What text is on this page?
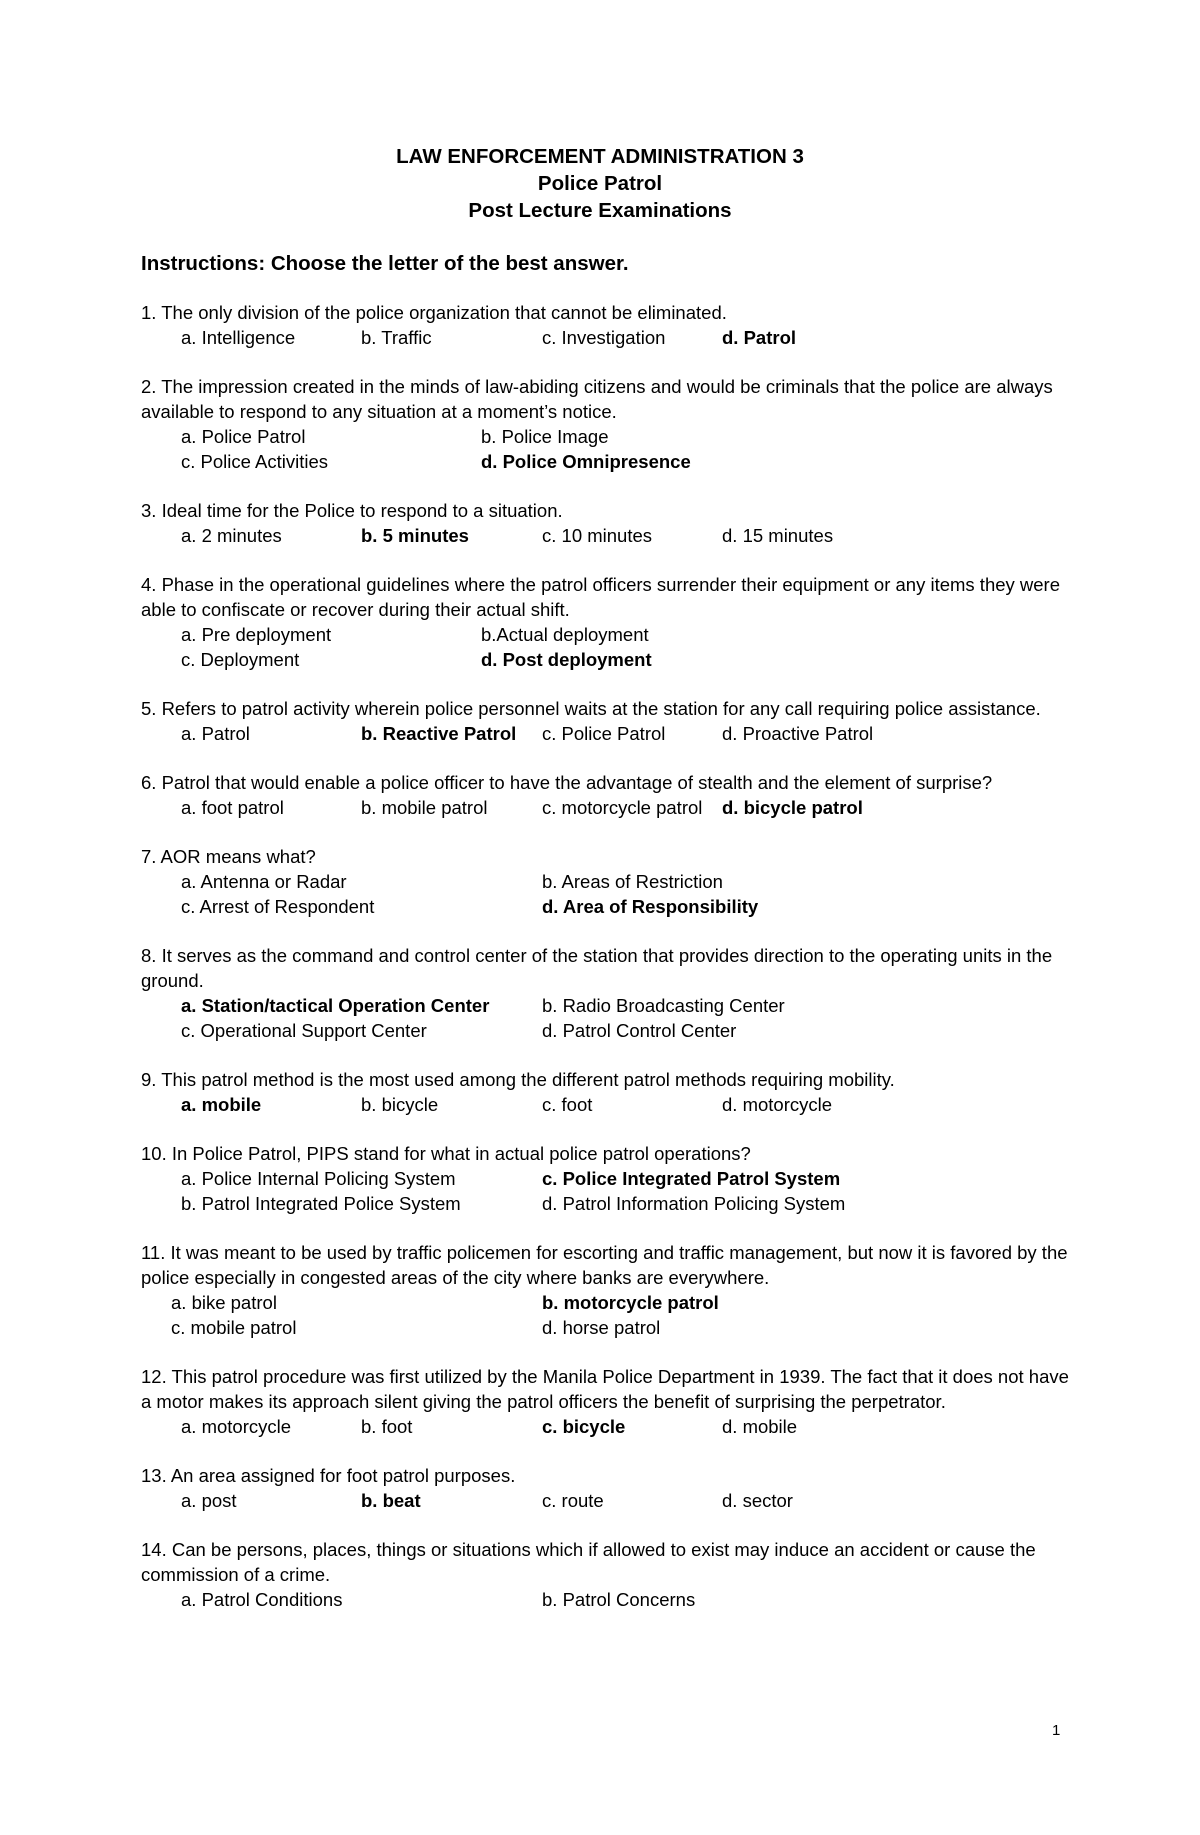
LAW ENFORCEMENT ADMINISTRATION 3
Police Patrol
Post Lecture Examinations
Instructions: Choose the letter of the best answer.
1. The only division of the police organization that cannot be eliminated.
a. Intelligence	b. Traffic	c. Investigation	d. Patrol
2. The impression created in the minds of law-abiding citizens and would be criminals that the police are always available to respond to any situation at a moment’s notice.
a. Police Patrol	b. Police Image
c. Police Activities	d. Police Omnipresence
3. Ideal time for the Police to respond to a situation.
a. 2 minutes	b. 5 minutes	c. 10 minutes	d. 15 minutes
4. Phase in the operational guidelines where the patrol officers surrender their equipment or any items they were able to confiscate or recover during their actual shift.
a. Pre deployment	b.Actual deployment
c. Deployment	d. Post deployment
5. Refers to patrol activity wherein police personnel waits at the station for any call requiring police assistance.
a. Patrol	b. Reactive Patrol c. Police Patrol	d. Proactive Patrol
6. Patrol that would enable a police officer to have the advantage of stealth and the element of surprise?
a. foot patrol	b. mobile patrol	c. motorcycle patrol d. bicycle patrol
7. AOR means what?
a. Antenna or Radar	b. Areas of Restriction
c. Arrest of Respondent	d. Area of Responsibility
8. It serves as the command and control center of the station that provides direction to the operating units in the ground.
a. Station/tactical Operation Center	b. Radio Broadcasting Center
c. Operational Support Center	d. Patrol Control Center
9. This patrol method is the most used among the different patrol methods requiring mobility.
a. mobile	b. bicycle	c. foot	d. motorcycle
10. In Police Patrol, PIPS stand for what in actual police patrol operations?
a. Police Internal Policing System	c. Police Integrated Patrol System
b. Patrol Integrated Police System	d. Patrol Information Policing System
11. It was meant to be used by traffic policemen for escorting and traffic management, but now it is favored by the police especially in congested areas of the city where banks are everywhere.
a. bike patrol	b. motorcycle patrol
c. mobile patrol	d. horse patrol
12. This patrol procedure was first utilized by the Manila Police Department in 1939. The fact that it does not have a motor makes its approach silent giving the patrol officers the benefit of surprising the perpetrator.
a. motorcycle	b. foot	c. bicycle	d. mobile
13. An area assigned for foot patrol purposes.
a. post	b. beat	c. route	d. sector
14. Can be persons, places, things or situations which if allowed to exist may induce an accident or cause the commission of a crime.
a. Patrol Conditions	b. Patrol Concerns
1
